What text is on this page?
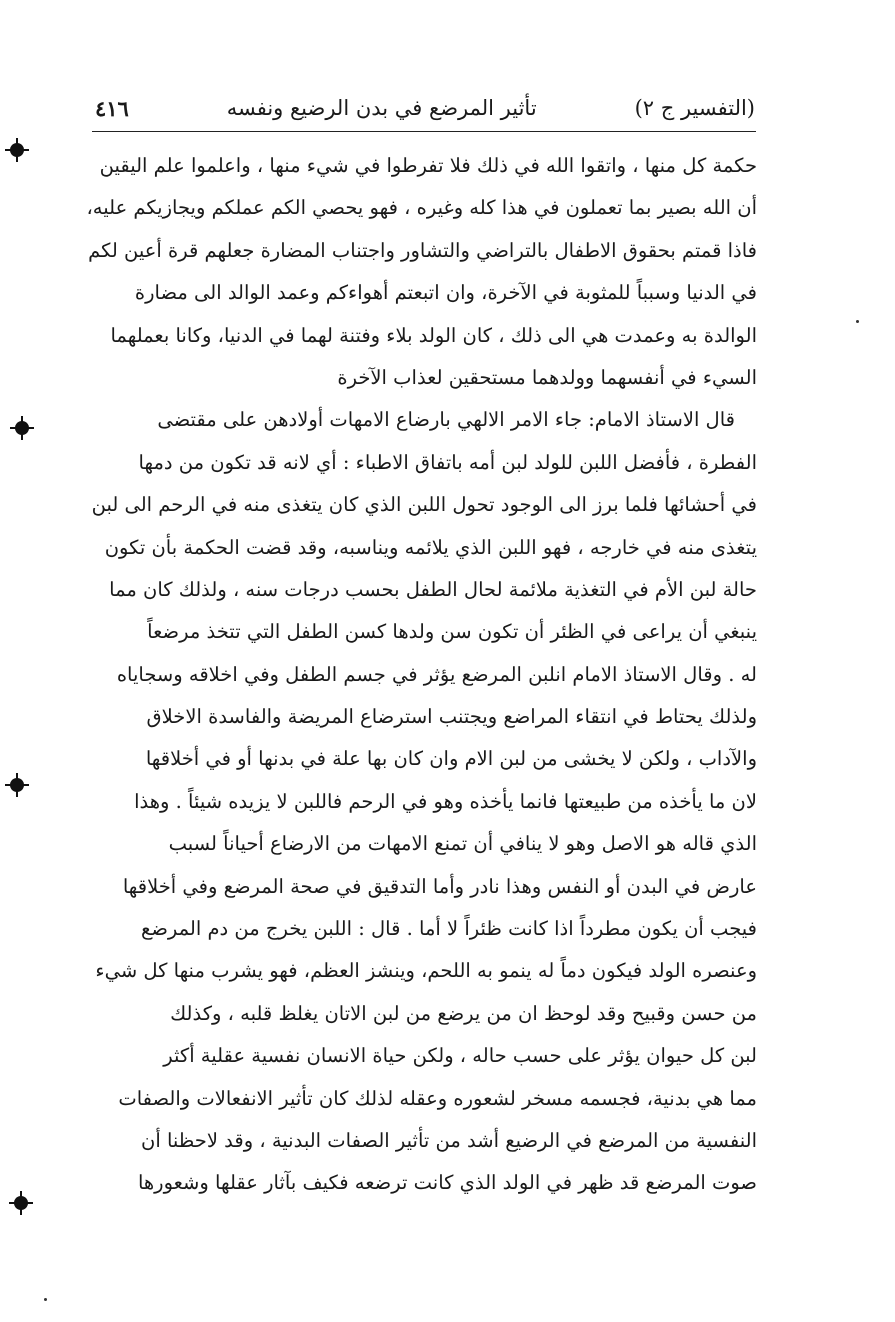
٤١٦	تأثير المرضع في بدن الرضيع ونفسه	(التفسير ج ٢)
حكمة كل منها ، واتقوا الله في ذلك فلا تفرطوا في شيء منها ، واعلموا علم اليقين
أن الله بصير بما تعملون في هذا كله وغيره ، فهو يحصي الكم عملكم ويجازيكم عليه،
فاذا قمتم بحقوق الاطفال بالتراضي والتشاور واجتناب المضارة جعلهم قرة أعين لكم
في الدنيا وسبباً للمثوبة في الآخرة، وان اتبعتم أهواءكم وعمد الوالد الى مضارة
الوالدة به وعمدت هي الى ذلك ، كان الولد بلاء وفتنة لهما في الدنيا، وكانا بعملهما
السيء في أنفسهما وولدهما مستحقين لعذاب الآخرة
قال الاستاذ الامام: جاء الامر الالهي بارضاع الامهات أولادهن على مقتضى
الفطرة ، فأفضل اللبن للولد لبن أمه باتفاق الاطباء : أي لانه قد تكون من دمها
في أحشائها فلما برز الى الوجود تحول اللبن الذي كان يتغذى منه في الرحم الى لبن
يتغذى منه في خارجه ، فهو اللبن الذي يلائمه ويناسبه، وقد قضت الحكمة بأن تكون
حالة لبن الأم في التغذية ملائمة لحال الطفل بحسب درجات سنه ، ولذلك كان مما
ينبغي أن يراعى في الظئر أن تكون سن ولدها كسن الطفل التي تتخذ مرضعاً
له . وقال الاستاذ الامام انلبن المرضع يؤثر في جسم الطفل وفي اخلاقه وسجاياه
ولذلك يحتاط في انتقاء المراضع ويجتنب استرضاع المريضة والفاسدة الاخلاق
والآداب ، ولكن لا يخشى من لبن الام وان كان بها علة في بدنها أو في أخلاقها
لان ما يأخذه من طبيعتها فانما يأخذه وهو في الرحم فاللبن لا يزيده شيئاً . وهذا
الذي قاله هو الاصل وهو لا ينافي أن تمنع الامهات من الارضاع أحياناً لسبب
عارض في البدن أو النفس وهذا نادر وأما التدقيق في صحة المرضع وفي أخلاقها
فيجب أن يكون مطرداً اذا كانت ظئراً لا أما . قال : اللبن يخرج من دم المرضع
وعنصره الولد فيكون دماً له ينمو به اللحم، وينشز العظم، فهو يشرب منها كل شيء
من حسن وقبيح وقد لوحظ ان من يرضع من لبن الاتان يغلظ قلبه ، وكذلك
لبن كل حيوان يؤثر على حسب حاله ، ولكن حياة الانسان نفسية عقلية أكثر
مما هي بدنية، فجسمه مسخر لشعوره وعقله لذلك كان تأثير الانفعالات والصفات
النفسية من المرضع في الرضيع أشد من تأثير الصفات البدنية ، وقد لاحظنا أن
صوت المرضع قد ظهر في الولد الذي كانت ترضعه فكيف بآثار عقلها وشعورها
